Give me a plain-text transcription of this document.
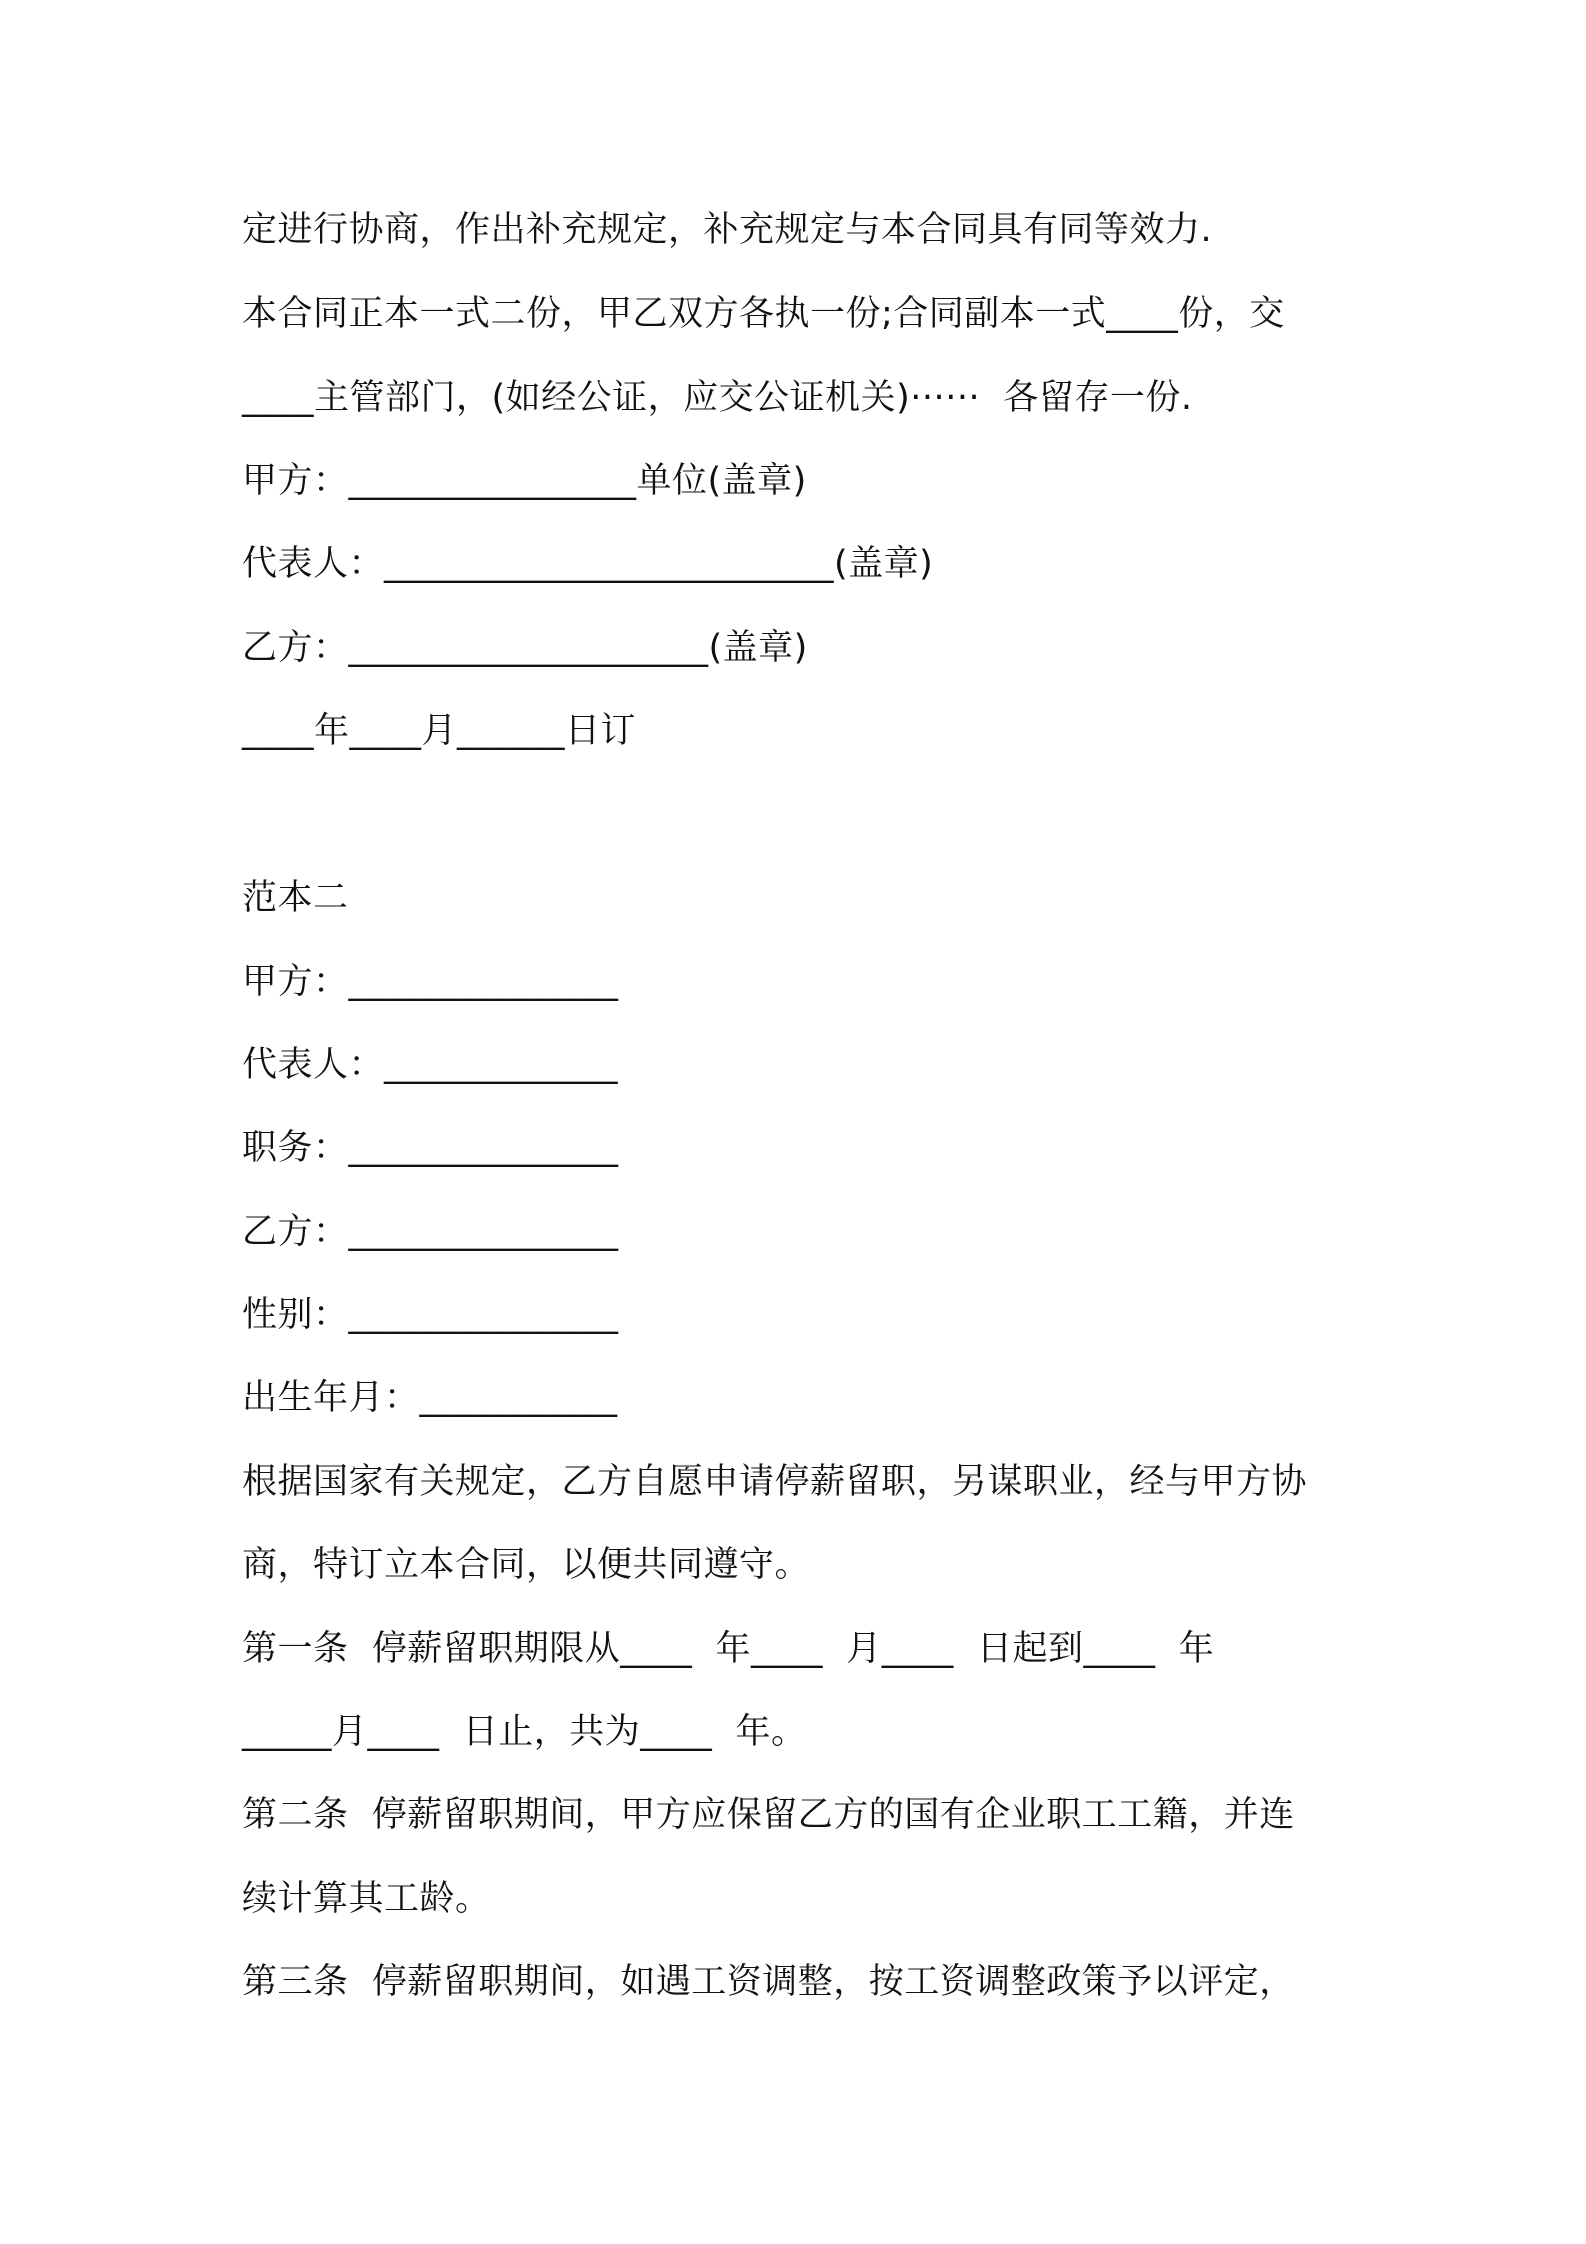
定进行协商，作出补充规定，补充规定与本合同具有同等效力.
本合同正本一式二份，甲乙双方各执一份;合同副本一式____份，交
____主管部门，(如经公证，应交公证机关)······  各留存一份.
甲方：________________单位(盖章)
代表人：_________________________(盖章)
乙方：____________________(盖章)
____年____月______日订
范本二
甲方：_______________
代表人：_____________
职务：_______________
乙方：_______________
性别：_______________
出生年月：___________
根据国家有关规定，乙方自愿申请停薪留职，另谋职业，经与甲方协
商，特订立本合同，以便共同遵守。
第一条  停薪留职期限从____  年____  月____  日起到____  年
_____月____  日止，共为____  年。
第二条  停薪留职期间，甲方应保留乙方的国有企业职工工籍，并连
续计算其工龄。
第三条  停薪留职期间，如遇工资调整，按工资调整政策予以评定，
